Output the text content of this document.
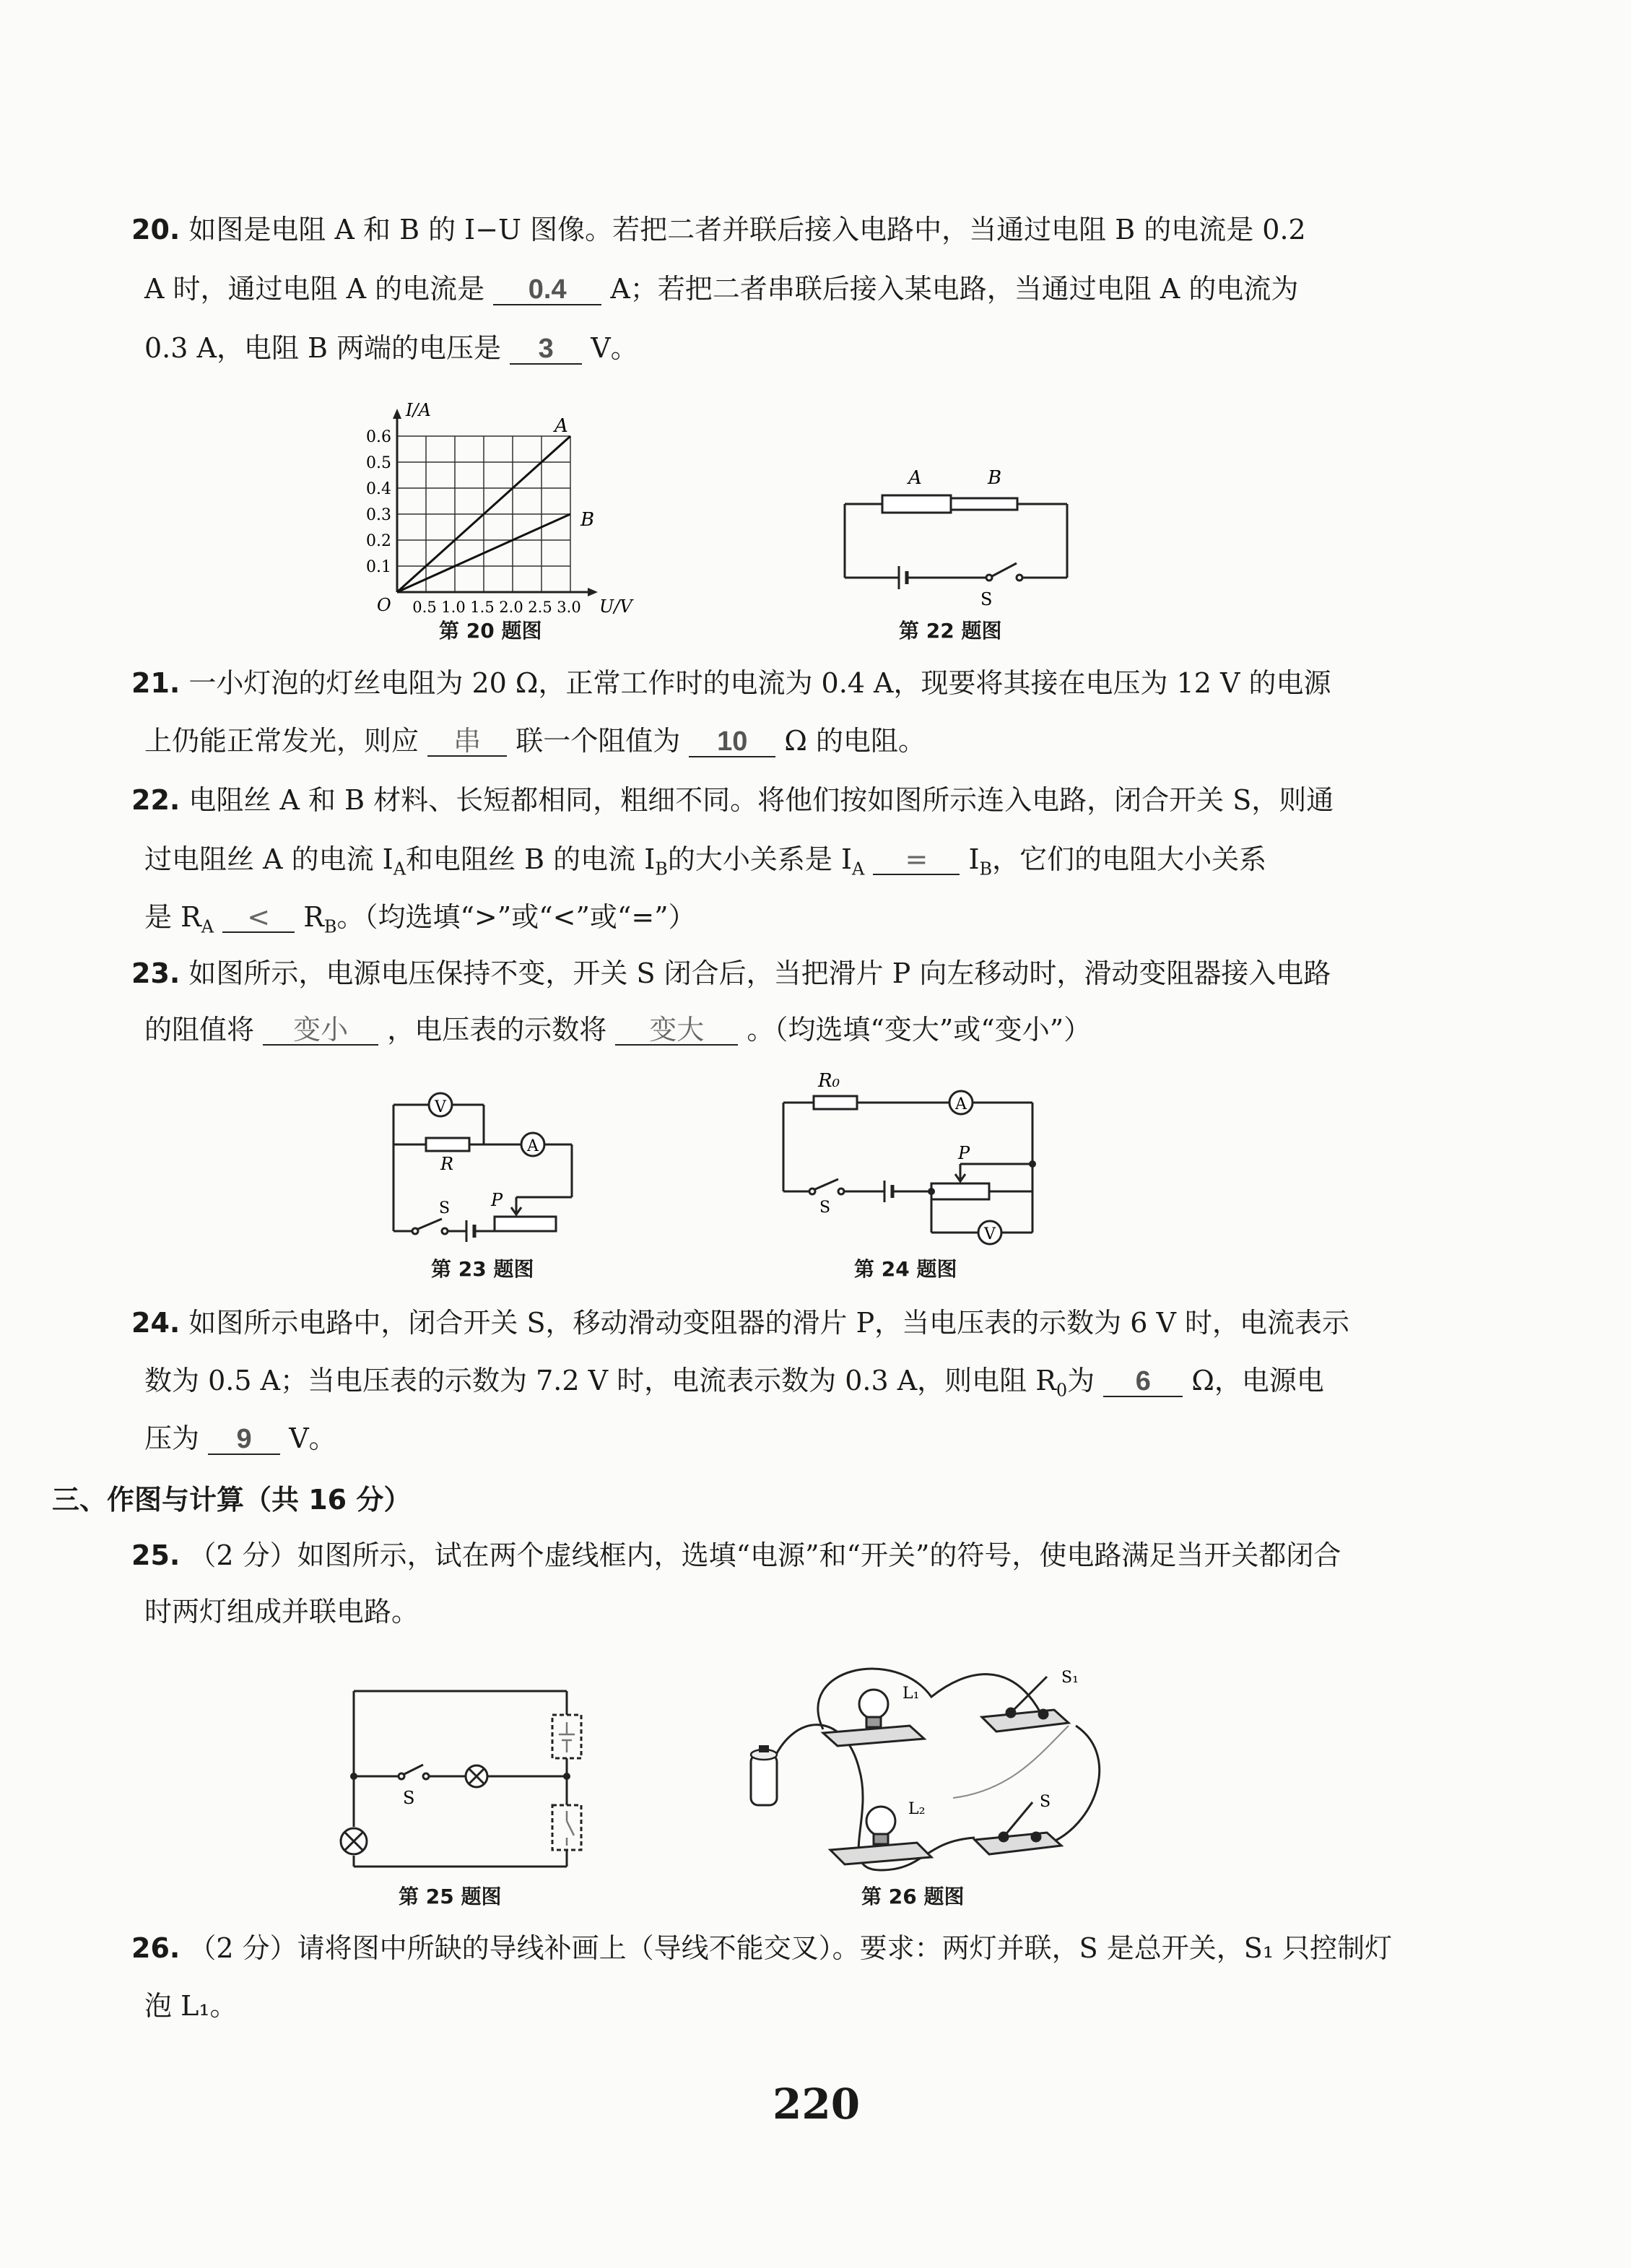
20. 如图是电阻 A 和 B 的 I−U 图像。若把二者并联后接入电路中，当通过电阻 B 的电流是 0.2
A 时，通过电阻 A 的电流是 0.4 A；若把二者串联后接入某电路，当通过电阻 A 的电流为
0.3 A，电阻 B 两端的电压是 3 V。
0.1
0.2
0.3
0.4
0.5
0.6
0.5 1.0 1.5 2.0 2.5 3.0
O
I/A
U/V
A
B
第 20 题图
A	B
S
第 22 题图
21. 一小灯泡的灯丝电阻为 20 Ω，正常工作时的电流为 0.4 A，现要将其接在电压为 12 V 的电源
上仍能正常发光，则应 串 联一个阻值为 10 Ω 的电阻。
22. 电阻丝 A 和 B 材料、长短都相同，粗细不同。将他们按如图所示连入电路，闭合开关 S，则通
过电阻丝 A 的电流 $I_A$和电阻丝 B 的电流 $I_B$的大小关系是 $I_A = I_B$，它们的电阻大小关系
是 $R_A < R_B$。（均选填“>”或“<”或“=”）
23. 如图所示，电源电压保持不变，开关 S 闭合后，当把滑片 P 向左移动时，滑动变阻器接入电路
的阻值将 变小 ，电压表的示数将 变大 。（均选填“变大”或“变小”）
V
A
R
S P
第 23 题图
R₀
A
V
S
P
第 24 题图
24. 如图所示电路中，闭合开关 S，移动滑动变阻器的滑片 P，当电压表的示数为 6 V 时，电流表示
数为 0.5 A；当电压表的示数为 7.2 V 时，电流表示数为 0.3 A，则电阻 $R_0$为 6 Ω，电源电
压为 9 V。
三、作图与计算（共 16 分）
25. （2 分）如图所示，试在两个虚线框内，选填“电源”和“开关”的符号，使电路满足当开关都闭合
时两灯组成并联电路。
S
第 25 题图
L₁
L₂
S₁
S
第 26 题图
26. （2 分）请将图中所缺的导线补画上（导线不能交叉）。要求：两灯并联，S 是总开关，S₁ 只控制灯
泡 L₁。
220
